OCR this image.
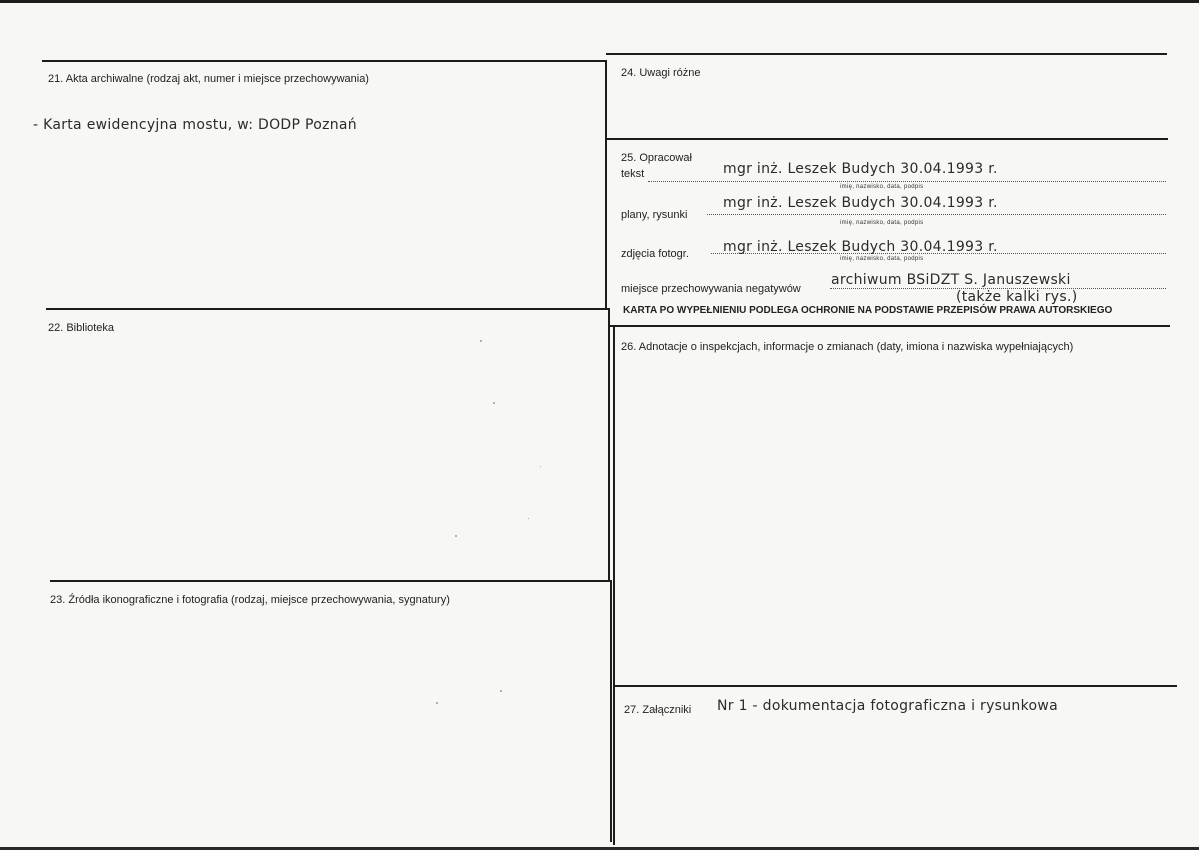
21. Akta archiwalne (rodzaj akt, numer i miejsce przechowywania)
- Karta ewidencyjna mostu, w: DODP Poznań
22. Biblioteka
23. Źródła ikonograficzne i fotografia (rodzaj, miejsce przechowywania, sygnatury)
24. Uwagi różne
25. Opracował
tekst	mgr inż. Leszek Budych 30.04.1993 r.
imię, nazwisko, data, podpis
plany, rysunki
mgr inż. Leszek Budych 30.04.1993 r.
imię, nazwisko, data, podpis
zdjęcia fotogr. mgr inż. Leszek Budych 30.04.1993 r.
imię, nazwisko, data, podpis
miejsce przechowywania negatywów
archiwum BSiDZT S. Januszewski
(także kalki rys.)
KARTA PO WYPEŁNIENIU PODLEGA OCHRONIE NA PODSTAWIE PRZEPISÓW PRAWA AUTORSKIEGO
26. Adnotacje o inspekcjach, informacje o zmianach (daty, imiona i nazwiska wypełniających)
27. Załączniki Nr 1 - dokumentacja fotograficzna i rysunkowa
